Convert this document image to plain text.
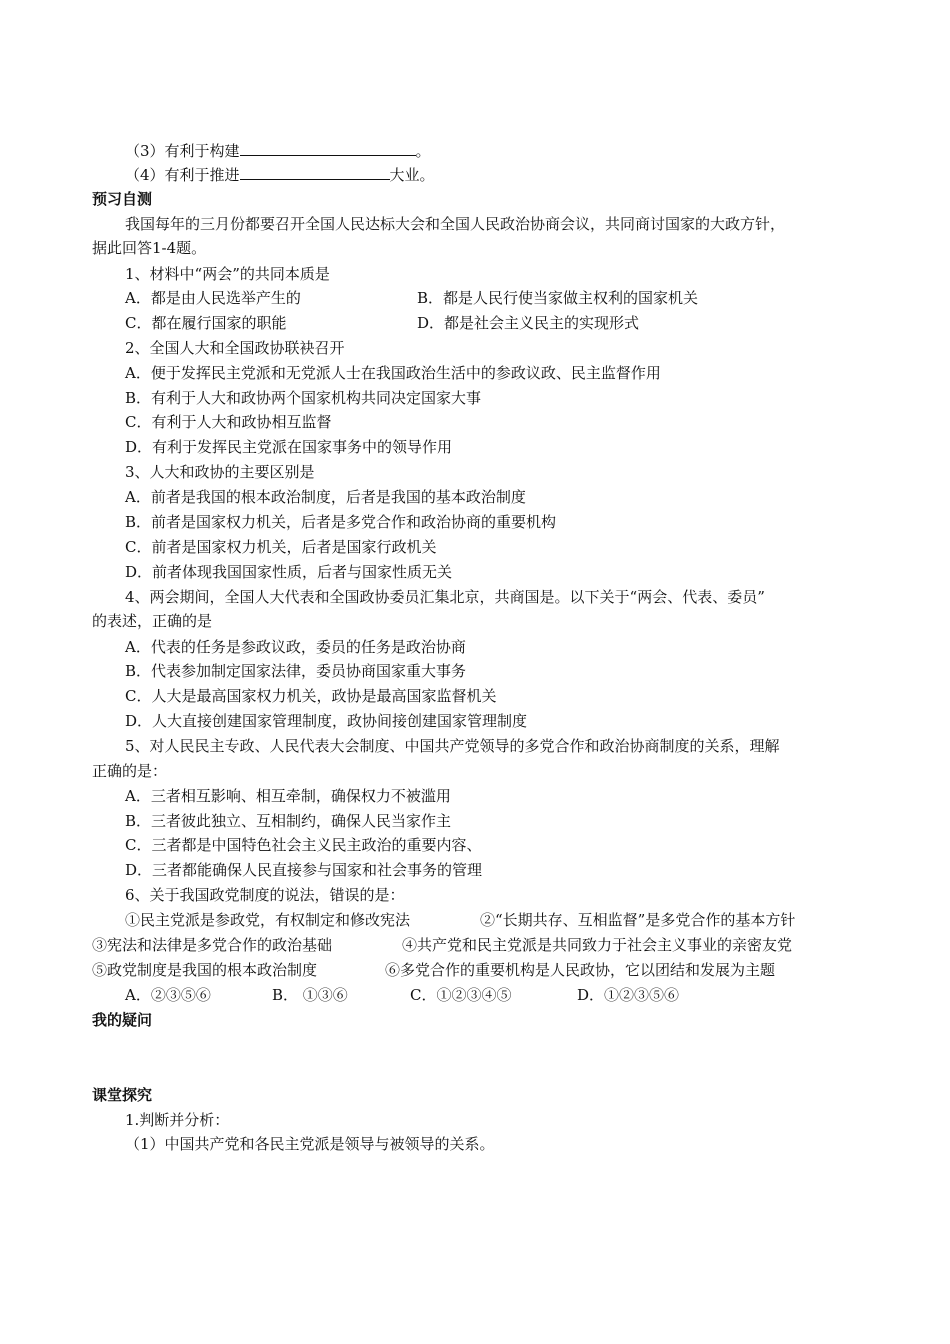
（3）有利于构建	。
（4）有利于推进	大业。
预习自测
我国每年的三月份都要召开全国人民达标大会和全国人民政治协商会议，共同商讨国家的大政方针，
据此回答1-4题。
1、材料中“两会”的共同本质是
A．都是由人民选举产生的	B．都是人民行使当家做主权利的国家机关
C．都在履行国家的职能	D．都是社会主义民主的实现形式
2、全国人大和全国政协联袂召开
A．便于发挥民主党派和无党派人士在我国政治生活中的参政议政、民主监督作用
B．有利于人大和政协两个国家机构共同决定国家大事
C．有利于人大和政协相互监督
D．有利于发挥民主党派在国家事务中的领导作用
3、人大和政协的主要区别是
A．前者是我国的根本政治制度，后者是我国的基本政治制度
B．前者是国家权力机关，后者是多党合作和政治协商的重要机构
C．前者是国家权力机关，后者是国家行政机关
D．前者体现我国国家性质，后者与国家性质无关
4、两会期间，全国人大代表和全国政协委员汇集北京，共商国是。以下关于“两会、代表、委员”
的表述，正确的是
A．代表的任务是参政议政，委员的任务是政治协商
B．代表参加制定国家法律，委员协商国家重大事务
C．人大是最高国家权力机关，政协是最高国家监督机关
D．人大直接创建国家管理制度，政协间接创建国家管理制度
5、对人民民主专政、人民代表大会制度、中国共产党领导的多党合作和政治协商制度的关系，理解
正确的是：
A．三者相互影响、相互牵制，确保权力不被滥用
B．三者彼此独立、互相制约，确保人民当家作主
C．三者都是中国特色社会主义民主政治的重要内容、
D．三者都能确保人民直接参与国家和社会事务的管理
6、关于我国政党制度的说法，错误的是：
①民主党派是参政党，有权制定和修改宪法	②“长期共存、互相监督”是多党合作的基本方针
③宪法和法律是多党合作的政治基础	④共产党和民主党派是共同致力于社会主义事业的亲密友党
⑤政党制度是我国的根本政治制度	⑥多党合作的重要机构是人民政协，它以团结和发展为主题
A．②③⑤⑥	B． ①③⑥	C．①②③④⑤	D．①②③⑤⑥
我的疑问
课堂探究
1.判断并分析：
（1）中国共产党和各民主党派是领导与被领导的关系。
